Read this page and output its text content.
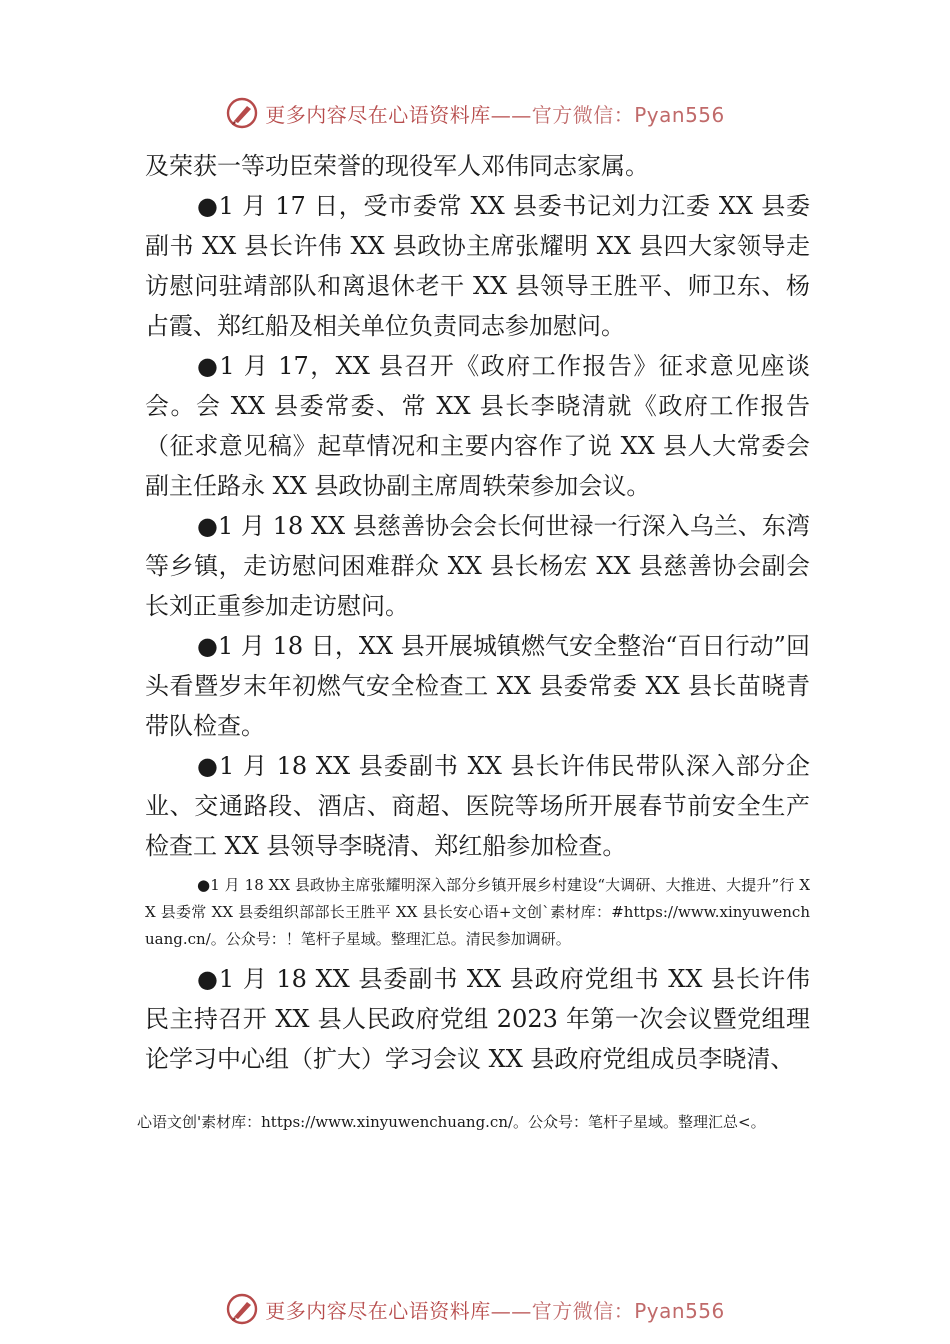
更多内容尽在心语资料库——官方微信：Pyan556

及荣获一等功臣荣誉的现役军人邓伟同志家属。

●1 月 17 日，受市委常 XX 县委书记刘力江委 XX 县委副书 XX 县长许伟 XX 县政协主席张耀明 XX 县四大家领导走访慰问驻靖部队和离退休老干 XX 县领导王胜平、师卫东、杨占霞、郑红船及相关单位负责同志参加慰问。

●1 月 17，XX 县召开《政府工作报告》征求意见座谈会。会 XX 县委常委、常 XX 县长李晓清就《政府工作报告（征求意见稿》起草情况和主要内容作了说 XX 县人大常委会副主任路永 XX 县政协副主席周轶荣参加会议。

●1 月 18 XX 县慈善协会会长何世禄一行深入乌兰、东湾等乡镇，走访慰问困难群众 XX 县长杨宏 XX 县慈善协会副会长刘正重参加走访慰问。

●1 月 18 日，XX 县开展城镇燃气安全整治“百日行动”回头看暨岁末年初燃气安全检查工 XX 县委常委 XX 县长苗晓青带队检查。

●1 月 18 XX 县委副书 XX 县长许伟民带队深入部分企业、交通路段、酒店、商超、医院等场所开展春节前安全生产检查工 XX 县领导李晓清、郑红船参加检查。

●1 月 18 XX 县政协主席张耀明深入部分乡镇开展乡村建设“大调研、大推进、大提升”行 XX 县委常 XX 县委组织部部长王胜平 XX 县长安心语+文创`素材库：#https://www.xinyuwenchuang.cn/。公众号：！笔杆子星域。整理汇总。清民参加调研。

●1 月 18 XX 县委副书 XX 县政府党组书 XX 县长许伟民主持召开 XX 县人民政府党组 2023 年第一次会议暨党组理论学习中心组（扩大）学习会议 XX 县政府党组成员李晓清、

心语文创'素材库：https://www.xinyuwenchuang.cn/。公众号：笔杆子星域。整理汇总<。
更多内容尽在心语资料库——官方微信：Pyan556
